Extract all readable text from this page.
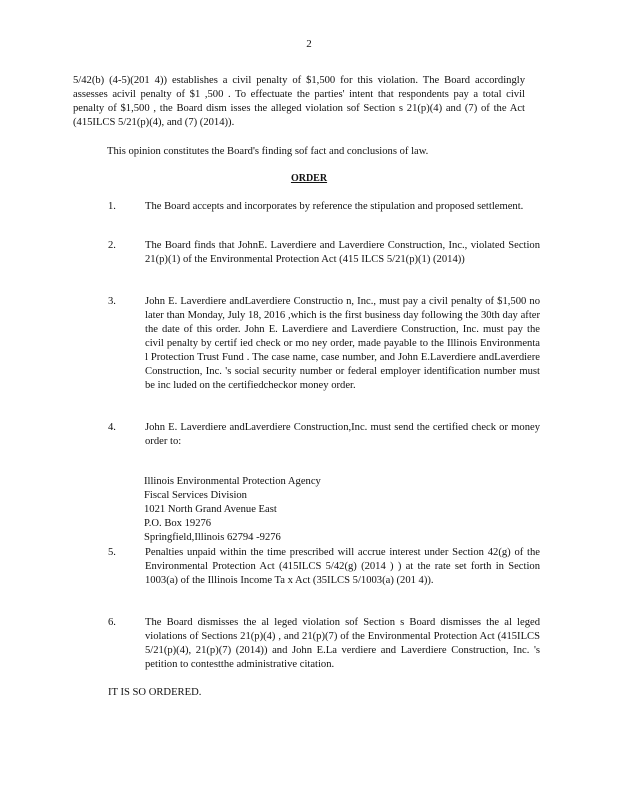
2

5/42(b) (4-5)(201 4)) establishes a civil penalty of $1,500 for this violation. The Board accordingly assesses acivil penalty of $1 ,500 . To effectuate the parties' intent that respondents pay a total civil penalty of $1,500 , the Board dism isses the alleged violation sof Section s 21(p)(4) and (7) of the Act (415ILCS 5/21(p)(4), and (7) (2014)).

This opinion constitutes the Board's finding sof fact and conclusions of law.

ORDER
1.	The Board accepts and incorporates by reference the stipulation and proposed settlement.
2.	The Board finds that JohnE. Laverdiere and Laverdiere Construction, Inc., violated Section 21(p)(1) of the Environmental Protection Act (415 ILCS 5/21(p)(1) (2014))
3.	John E. Laverdiere andLaverdiere Constructio n, Inc., must pay a civil penalty of $1,500 no later than Monday, July 18, 2016 ,which is the first business day following the 30th day after the date of this order. John E. Laverdiere and Laverdiere Construction, Inc. must pay the civil penalty by certif ied check or mo ney order, made payable to the Illinois Environmenta l Protection Trust Fund . The case name, case number, and John E.Laverdiere andLaverdiere Construction, Inc. 's social security number or federal employer identification number must be inc luded on the certifiedcheckor money order.
4.	John E. Laverdiere andLaverdiere Construction,Inc. must send the certified check or money order to:
Illinois Environmental Protection Agency
Fiscal Services Division
1021 North Grand Avenue East
P.O. Box 19276
Springfield,Illinois 62794 -9276
5.	Penalties unpaid within the time prescribed will accrue interest under Section 42(g) of the Environmental Protection Act (415ILCS 5/42(g) (2014 ) ) at the rate set forth in Section 1003(a) of the Illinois Income Ta x Act (35ILCS 5/1003(a) (201 4)).
6.	The Board dismisses the al leged violation sof Section s Board dismisses the al leged violations of Sections 21(p)(4) , and 21(p)(7) of the Environmental Protection Act (415ILCS 5/21(p)(4), 21(p)(7) (2014)) and John E.La verdiere and Laverdiere Construction, Inc. 's petition to contestthe administrative citation.

IT IS SO ORDERED.
